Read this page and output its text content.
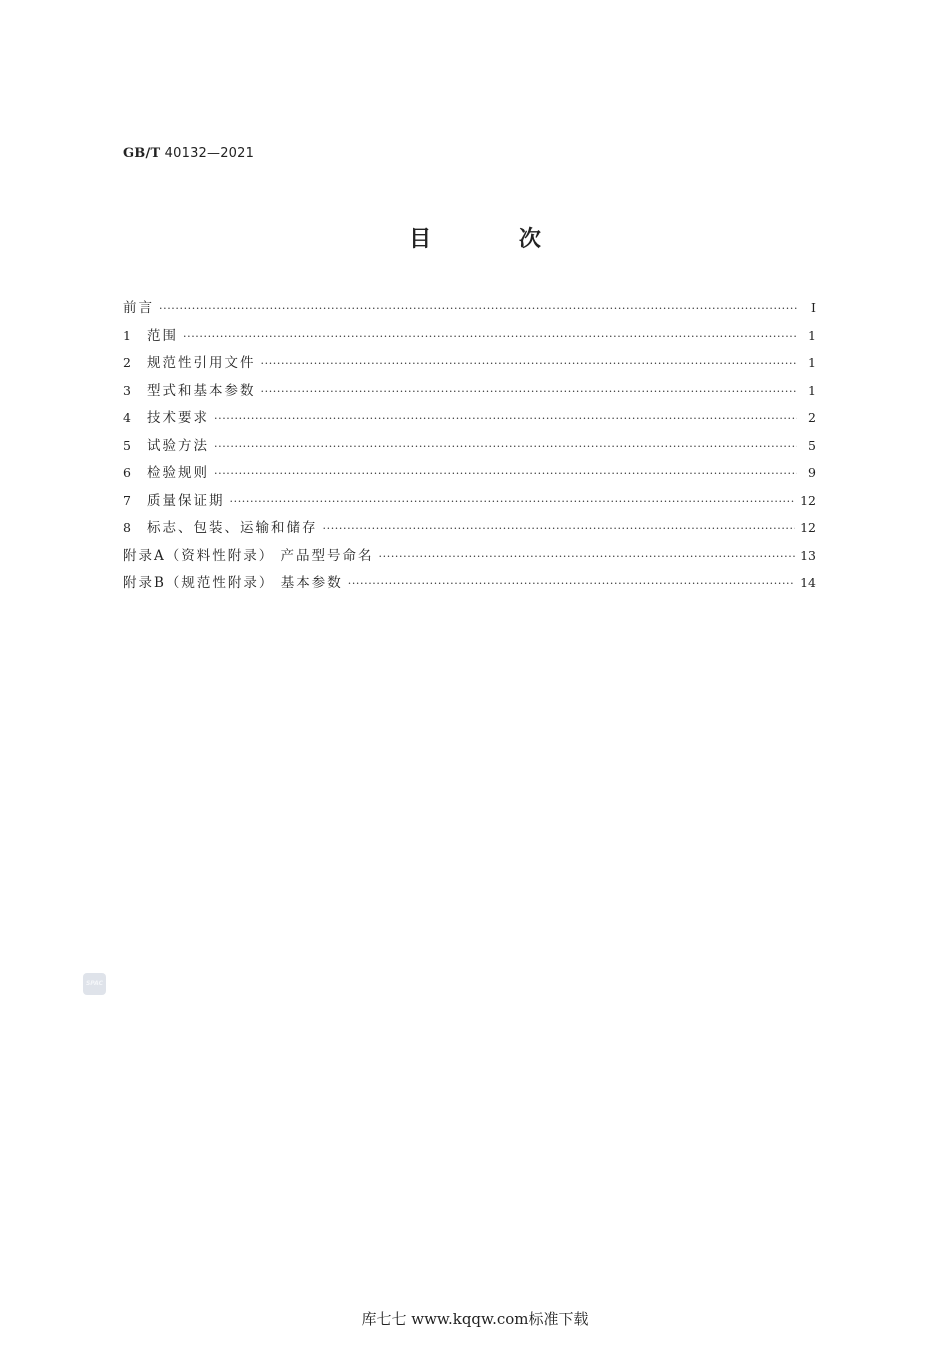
GB/T 40132—2021
目 次
前言 ·····	Ⅰ
1	范围 ·····	1
2	规范性引用文件 ·····	1
3	型式和基本参数 ·····	1
4	技术要求 ·····	2
5	试验方法 ·····	5
6	检验规则 ·····	9
7	质量保证期 ·····	12
8	标志、包装、运输和储存 ·····	12
附录A（资料性附录） 产品型号命名 ·····	13
附录B（规范性附录） 基本参数 ·····	14
SPAC
库七七 www.kqqw.com标准下载
